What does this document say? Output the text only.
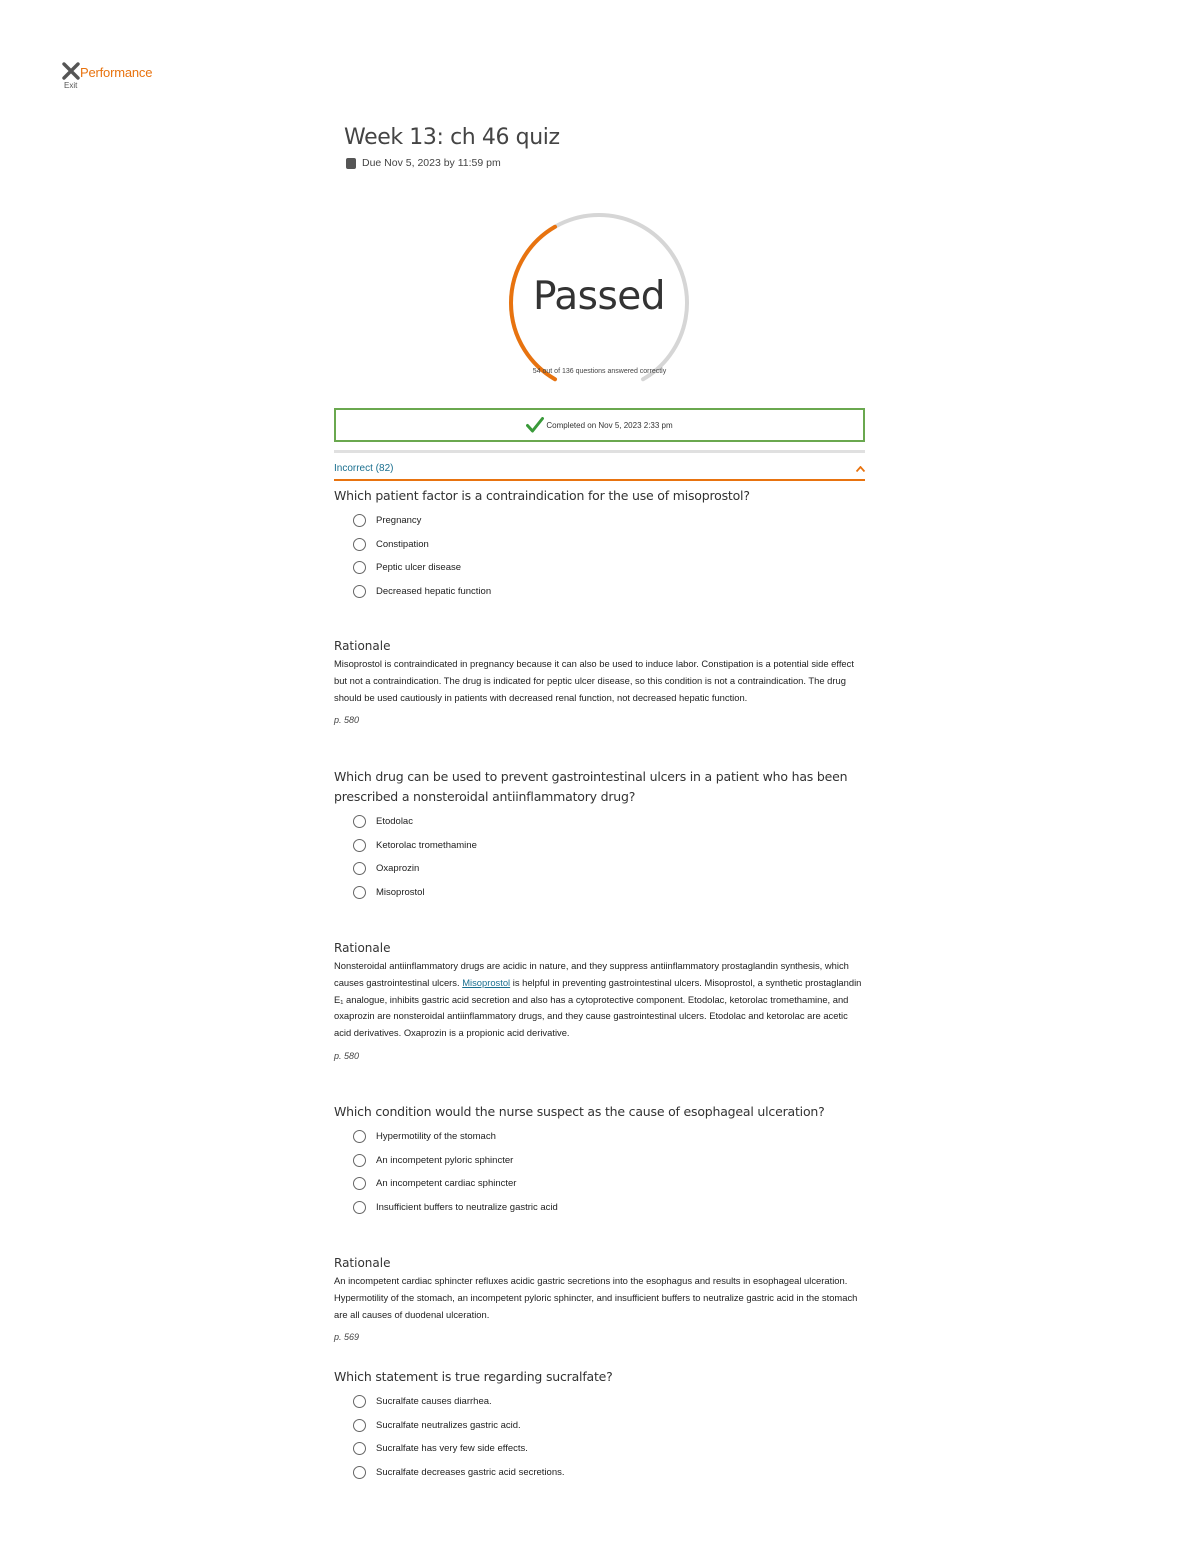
Exit
Performance
Week 13: ch 46 quiz
Due Nov 5, 2023 by 11:59 pm
Passed
54 out of 136 questions answered correctly
Completed on Nov 5, 2023 2:33 pm
Incorrect (82)
Which patient factor is a contraindication for the use of misoprostol?
Pregnancy
Constipation
Peptic ulcer disease
Decreased hepatic function
Rationale
Misoprostol is contraindicated in pregnancy because it can also be used to induce labor. Constipation is a potential side effect but not a contraindication. The drug is indicated for peptic ulcer disease, so this condition is not a contraindication. The drug should be used cautiously in patients with decreased renal function, not decreased hepatic function.
p. 580
Which drug can be used to prevent gastrointestinal ulcers in a patient who has been prescribed a nonsteroidal antiinflammatory drug?
Etodolac
Ketorolac tromethamine
Oxaprozin
Misoprostol
Rationale
Nonsteroidal antiinflammatory drugs are acidic in nature, and they suppress antiinflammatory prostaglandin synthesis, which causes gastrointestinal ulcers. Misoprostol is helpful in preventing gastrointestinal ulcers. Misoprostol, a synthetic prostaglandin E₁ analogue, inhibits gastric acid secretion and also has a cytoprotective component. Etodolac, ketorolac tromethamine, and oxaprozin are nonsteroidal antiinflammatory drugs, and they cause gastrointestinal ulcers. Etodolac and ketorolac are acetic acid derivatives. Oxaprozin is a propionic acid derivative.
p. 580
Which condition would the nurse suspect as the cause of esophageal ulceration?
Hypermotility of the stomach
An incompetent pyloric sphincter
An incompetent cardiac sphincter
Insufficient buffers to neutralize gastric acid
Rationale
An incompetent cardiac sphincter refluxes acidic gastric secretions into the esophagus and results in esophageal ulceration. Hypermotility of the stomach, an incompetent pyloric sphincter, and insufficient buffers to neutralize gastric acid in the stomach are all causes of duodenal ulceration.
p. 569
Which statement is true regarding sucralfate?
Sucralfate causes diarrhea.
Sucralfate neutralizes gastric acid.
Sucralfate has very few side effects.
Sucralfate decreases gastric acid secretions.
